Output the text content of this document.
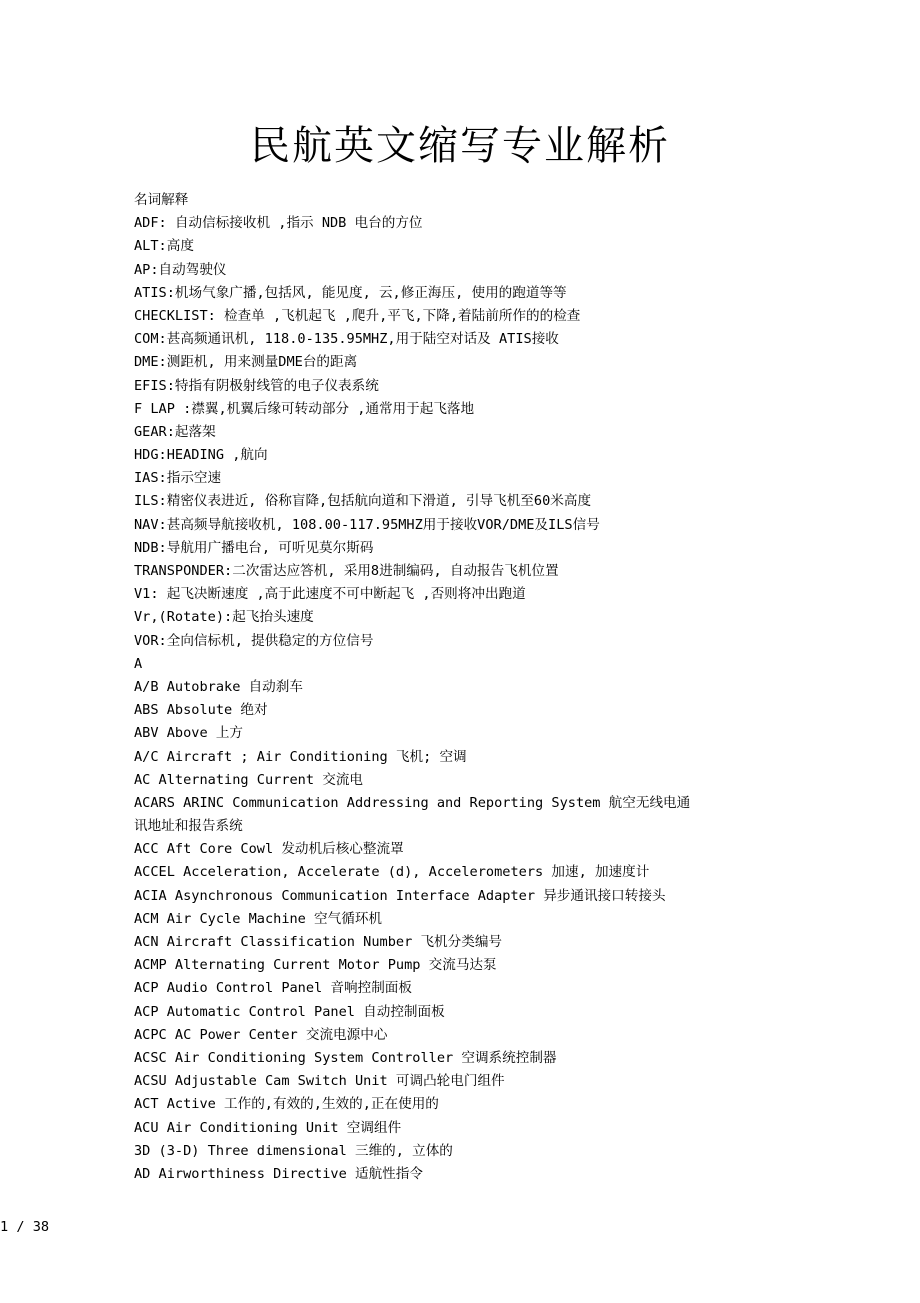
民航英文缩写专业解析
名词解释
ADF: 自动信标接收机 ,指示 NDB 电台的方位
ALT:高度
AP:自动驾驶仪
ATIS:机场气象广播,包括风, 能见度, 云,修正海压, 使用的跑道等等
CHECKLIST: 检查单 ,飞机起飞 ,爬升,平飞,下降,着陆前所作的的检查
COM:甚高频通讯机, 118.0-135.95MHZ,用于陆空对话及 ATIS接收
DME:测距机, 用来测量DME台的距离
EFIS:特指有阴极射线管的电子仪表系统
F LAP :襟翼,机翼后缘可转动部分 ,通常用于起飞落地
GEAR:起落架
HDG:HEADING ,航向
IAS:指示空速
ILS:精密仪表进近, 俗称盲降,包括航向道和下滑道, 引导飞机至60米高度
NAV:甚高频导航接收机, 108.00-117.95MHZ用于接收VOR/DME及ILS信号
NDB:导航用广播电台, 可听见莫尔斯码
TRANSPONDER:二次雷达应答机, 采用8进制编码, 自动报告飞机位置
V1: 起飞决断速度 ,高于此速度不可中断起飞 ,否则将冲出跑道
Vr,(Rotate):起飞抬头速度
VOR:全向信标机, 提供稳定的方位信号
A
A/B Autobrake 自动刹车
ABS Absolute 绝对
ABV Above 上方
A/C Aircraft ; Air Conditioning 飞机; 空调
AC Alternating Current 交流电
ACARS ARINC Communication Addressing and Reporting System 航空无线电通
讯地址和报告系统
ACC Aft Core Cowl 发动机后核心整流罩
ACCEL Acceleration, Accelerate (d), Accelerometers 加速, 加速度计
ACIA Asynchronous Communication Interface Adapter 异步通讯接口转接头
ACM Air Cycle Machine 空气循环机
ACN Aircraft Classification Number 飞机分类编号
ACMP Alternating Current Motor Pump 交流马达泵
ACP Audio Control Panel 音响控制面板
ACP Automatic Control Panel 自动控制面板
ACPC AC Power Center 交流电源中心
ACSC Air Conditioning System Controller 空调系统控制器
ACSU Adjustable Cam Switch Unit 可调凸轮电门组件
ACT Active 工作的,有效的,生效的,正在使用的
ACU Air Conditioning Unit 空调组件
3D (3-D) Three dimensional 三维的, 立体的
AD Airworthiness Directive 适航性指令
1 / 38
